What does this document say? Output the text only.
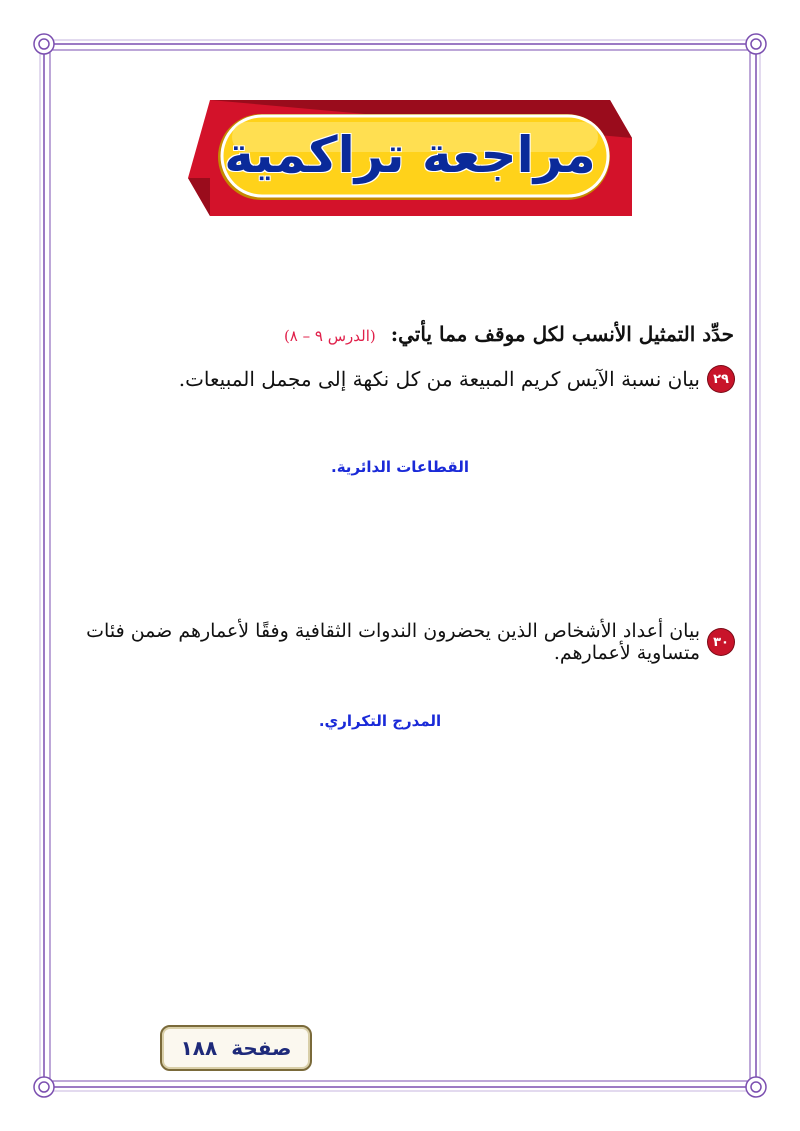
مراجعة تراكمية
حدِّد التمثيل الأنسب لكل موقف مما يأتي: (الدرس ٩ – ٨)
٢٩
بيان نسبة الآيس كريم المبيعة من كل نكهة إلى مجمل المبيعات.
القطاعات الدائرية.
٣٠
بيان أعداد الأشخاص الذين يحضرون الندوات الثقافية وفقًا لأعمارهم ضمن فئات متساوية لأعمارهم.
المدرج التكراري.
صفحة
١٨٨
